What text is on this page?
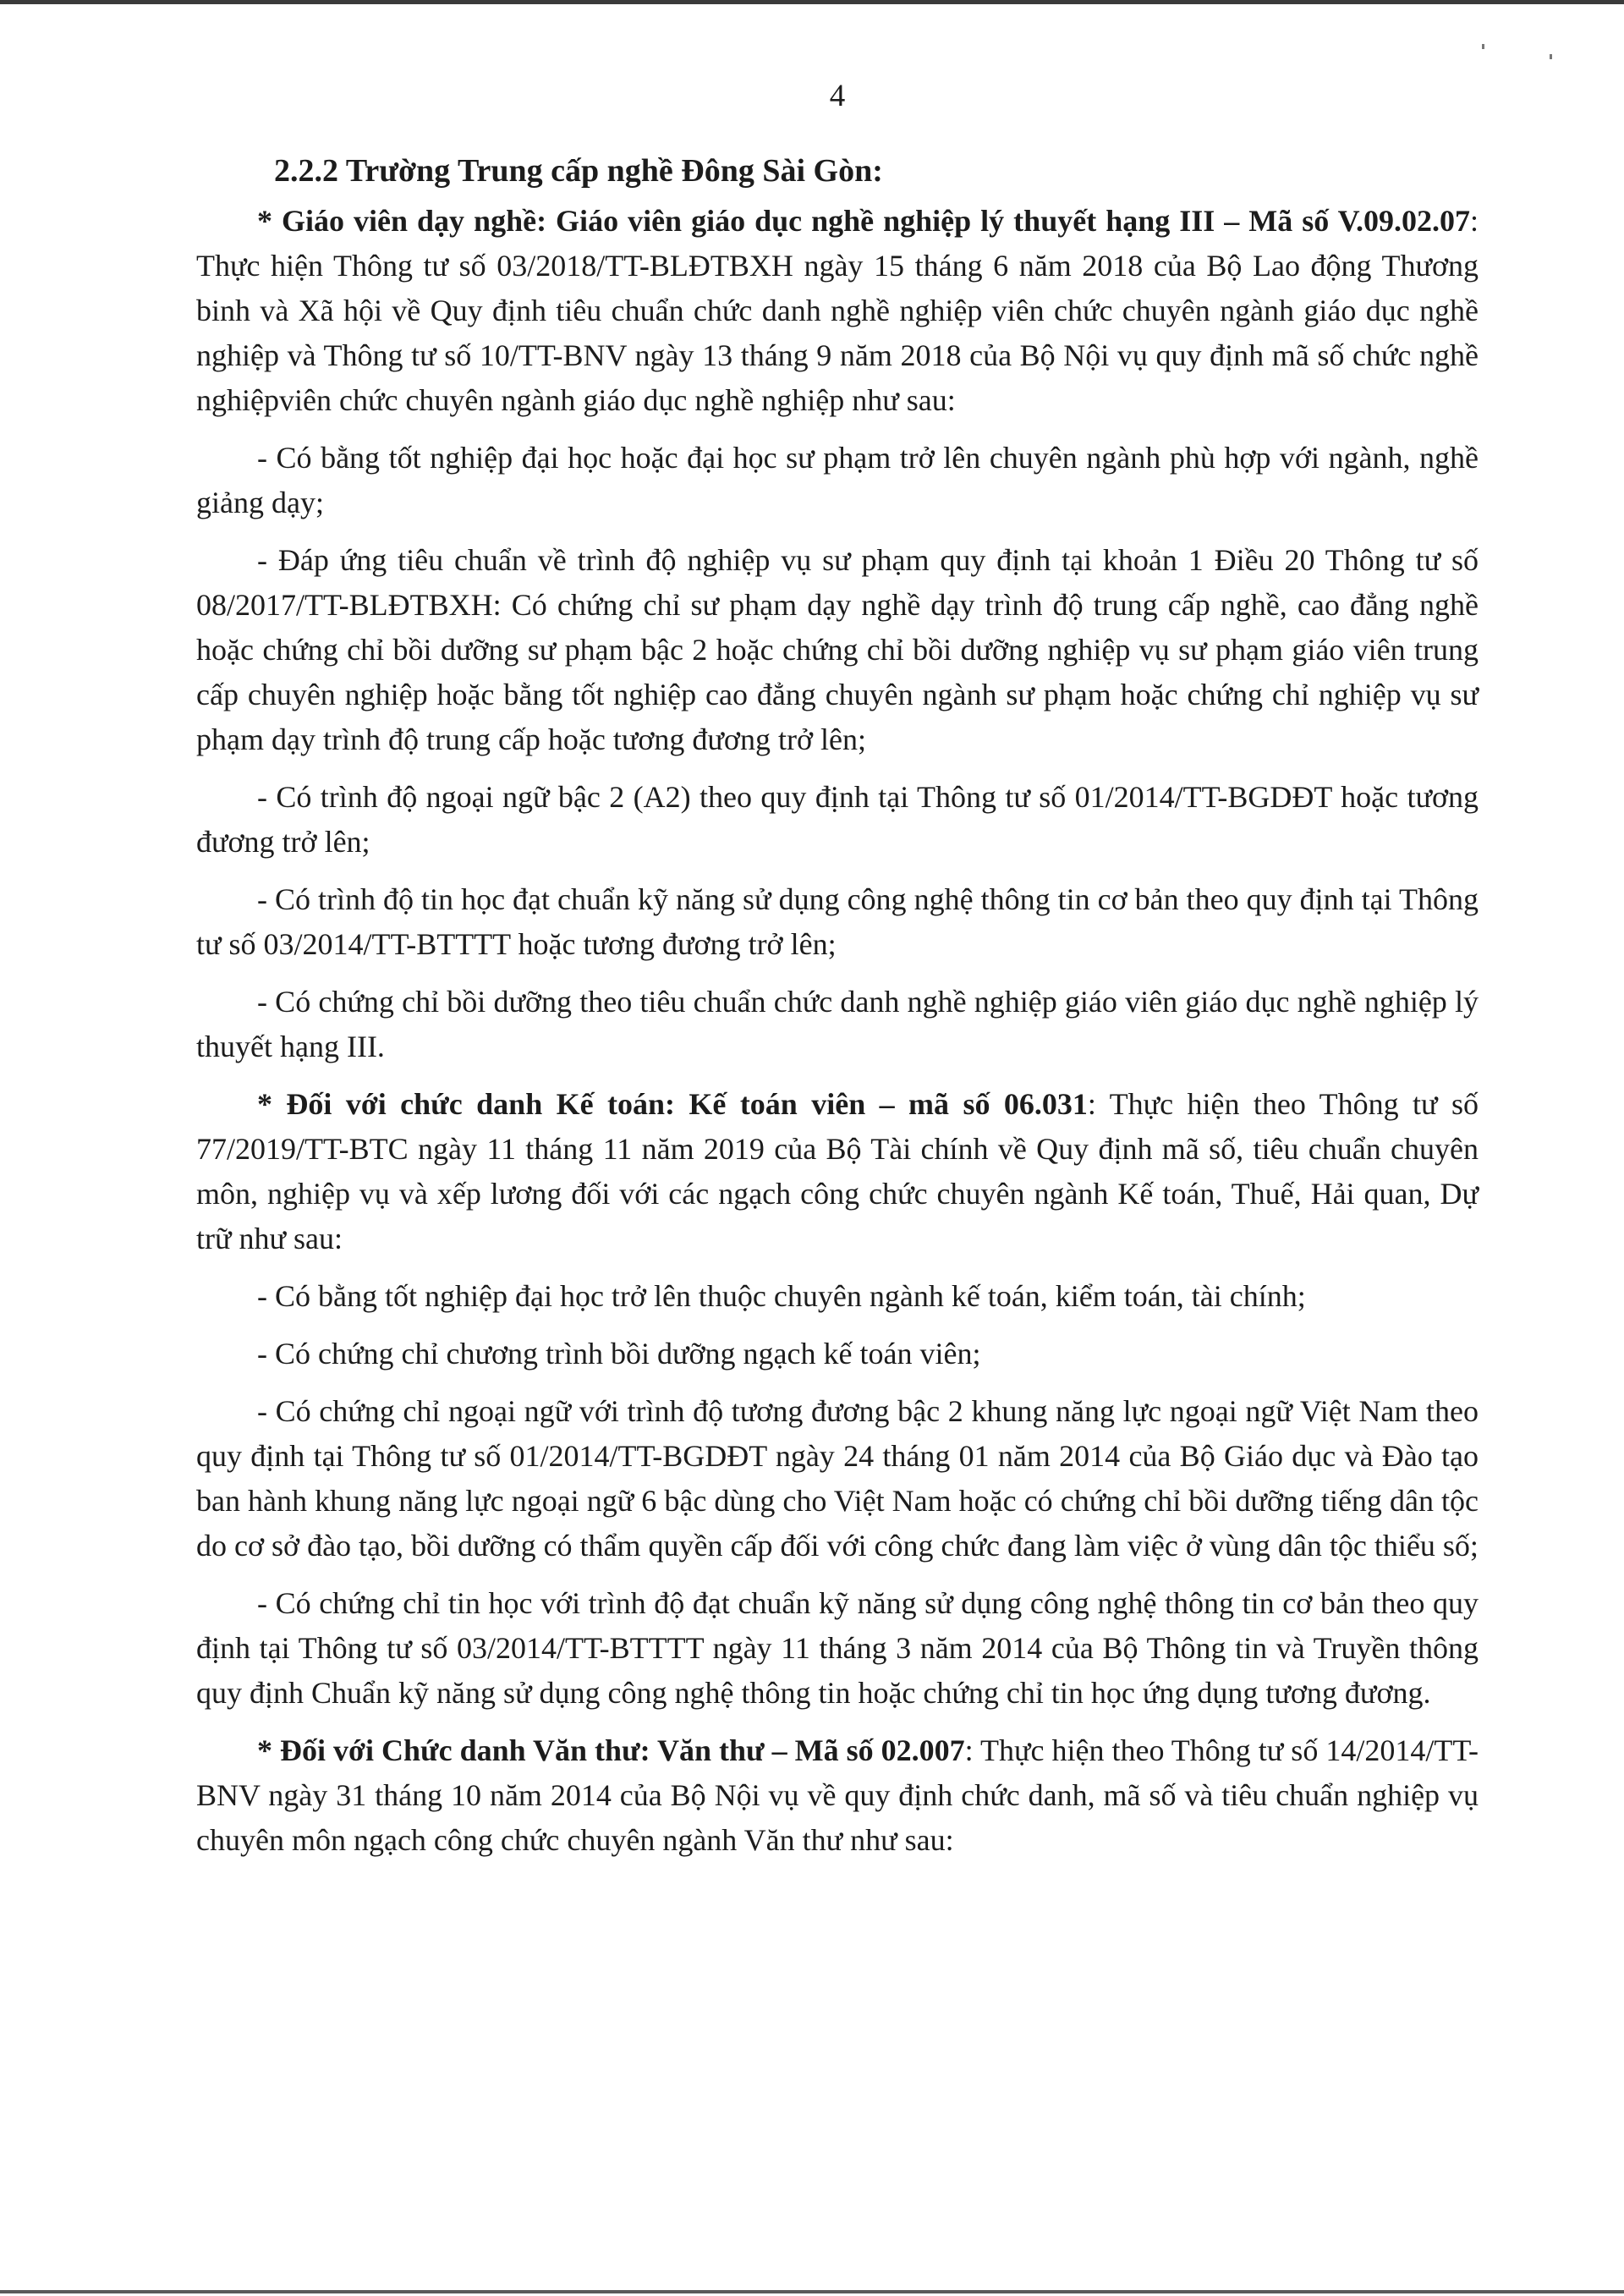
4
2.2.2 Trường Trung cấp nghề Đông Sài Gòn:

* Giáo viên dạy nghề: Giáo viên giáo dục nghề nghiệp lý thuyết hạng III – Mã số V.09.02.07: Thực hiện Thông tư số 03/2018/TT-BLĐTBXH ngày 15 tháng 6 năm 2018 của Bộ Lao động Thương binh và Xã hội về Quy định tiêu chuẩn chức danh nghề nghiệp viên chức chuyên ngành giáo dục nghề nghiệp và Thông tư số 10/TT-BNV ngày 13 tháng 9 năm 2018 của Bộ Nội vụ quy định mã số chức nghề nghiệpviên chức chuyên ngành giáo dục nghề nghiệp như sau:

- Có bằng tốt nghiệp đại học hoặc đại học sư phạm trở lên chuyên ngành phù hợp với ngành, nghề giảng dạy;

- Đáp ứng tiêu chuẩn về trình độ nghiệp vụ sư phạm quy định tại khoản 1 Điều 20 Thông tư số 08/2017/TT-BLĐTBXH: Có chứng chỉ sư phạm dạy nghề dạy trình độ trung cấp nghề, cao đẳng nghề hoặc chứng chỉ bồi dưỡng sư phạm bậc 2 hoặc chứng chỉ bồi dưỡng nghiệp vụ sư phạm giáo viên trung cấp chuyên nghiệp hoặc bằng tốt nghiệp cao đẳng chuyên ngành sư phạm hoặc chứng chỉ nghiệp vụ sư phạm dạy trình độ trung cấp hoặc tương đương trở lên;

- Có trình độ ngoại ngữ bậc 2 (A2) theo quy định tại Thông tư số 01/2014/TT-BGDĐT hoặc tương đương trở lên;

- Có trình độ tin học đạt chuẩn kỹ năng sử dụng công nghệ thông tin cơ bản theo quy định tại Thông tư số 03/2014/TT-BTTTT hoặc tương đương trở lên;

- Có chứng chỉ bồi dưỡng theo tiêu chuẩn chức danh nghề nghiệp giáo viên giáo dục nghề nghiệp lý thuyết hạng III.

* Đối với chức danh Kế toán: Kế toán viên – mã số 06.031: Thực hiện theo Thông tư số 77/2019/TT-BTC ngày 11 tháng 11 năm 2019 của Bộ Tài chính về Quy định mã số, tiêu chuẩn chuyên môn, nghiệp vụ và xếp lương đối với các ngạch công chức chuyên ngành Kế toán, Thuế, Hải quan, Dự trữ như sau:

- Có bằng tốt nghiệp đại học trở lên thuộc chuyên ngành kế toán, kiểm toán, tài chính;

- Có chứng chỉ chương trình bồi dưỡng ngạch kế toán viên;

- Có chứng chỉ ngoại ngữ với trình độ tương đương bậc 2 khung năng lực ngoại ngữ Việt Nam theo quy định tại Thông tư số 01/2014/TT-BGDĐT ngày 24 tháng 01 năm 2014 của Bộ Giáo dục và Đào tạo ban hành khung năng lực ngoại ngữ 6 bậc dùng cho Việt Nam hoặc có chứng chỉ bồi dưỡng tiếng dân tộc do cơ sở đào tạo, bồi dưỡng có thẩm quyền cấp đối với công chức đang làm việc ở vùng dân tộc thiểu số;

- Có chứng chỉ tin học với trình độ đạt chuẩn kỹ năng sử dụng công nghệ thông tin cơ bản theo quy định tại Thông tư số 03/2014/TT-BTTTT ngày 11 tháng 3 năm 2014 của Bộ Thông tin và Truyền thông quy định Chuẩn kỹ năng sử dụng công nghệ thông tin hoặc chứng chỉ tin học ứng dụng tương đương.

* Đối với Chức danh Văn thư: Văn thư – Mã số 02.007: Thực hiện theo Thông tư số 14/2014/TT-BNV ngày 31 tháng 10 năm 2014 của Bộ Nội vụ về quy định chức danh, mã số và tiêu chuẩn nghiệp vụ chuyên môn ngạch công chức chuyên ngành Văn thư như sau:
